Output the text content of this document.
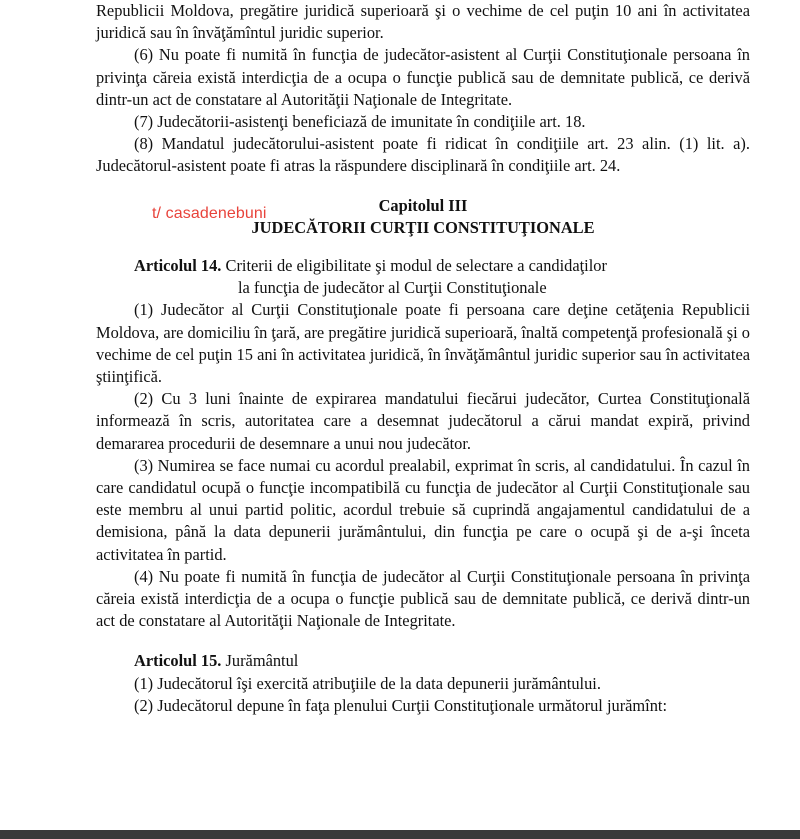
Republicii Moldova, pregătire juridică superioară şi o vechime de cel puţin 10 ani în activitatea juridică sau în învăţămîntul juridic superior.

(6) Nu poate fi numită în funcţia de judecător-asistent al Curţii Constituţionale persoana în privinţa căreia există interdicţia de a ocupa o funcţie publică sau de demnitate publică, ce derivă dintr-un act de constatare al Autorităţii Naţionale de Integritate.

(7) Judecătorii-asistenţi beneficiază de imunitate în condiţiile art. 18.

(8) Mandatul judecătorului-asistent poate fi ridicat în condiţiile art. 23 alin. (1) lit. a). Judecătorul-asistent poate fi atras la răspundere disciplinară în condiţiile art. 24.

Capitolul III

JUDECĂTORII CURŢII CONSTITUŢIONALE

Articolul 14. Criterii de eligibilitate şi modul de selectare a candidaţilor
la funcţia de judecător al Curţii Constituţionale

(1) Judecător al Curţii Constituţionale poate fi persoana care deţine cetăţenia Republicii Moldova, are domiciliu în ţară, are pregătire juridică superioară, înaltă competenţă profesională şi o vechime de cel puţin 15 ani în activitatea juridică, în învăţământul juridic superior sau în activitatea ştiinţifică.

(2) Cu 3 luni înainte de expirarea mandatului fiecărui judecător, Curtea Constituţională informează în scris, autoritatea care a desemnat judecătorul a cărui mandat expiră, privind demararea procedurii de desemnare a unui nou judecător.

(3) Numirea se face numai cu acordul prealabil, exprimat în scris, al candidatului. În cazul în care candidatul ocupă o funcţie incompatibilă cu funcţia de judecător al Curţii Constituţionale sau este membru al unui partid politic, acordul trebuie să cuprindă angajamentul candidatului de a demisiona, până la data depunerii jurământului, din funcţia pe care o ocupă şi de a-şi înceta activitatea în partid.

(4) Nu poate fi numită în funcţia de judecător al Curţii Constituţionale persoana în privinţa căreia există interdicţia de a ocupa o funcţie publică sau de demnitate publică, ce derivă dintr-un act de constatare al Autorităţii Naţionale de Integritate.

Articolul 15. Jurământul

(1) Judecătorul îşi exercită atribuţiile de la data depunerii jurământului.

(2) Judecătorul depune în faţa plenului Curţii Constituţionale următorul jurămînt:

t/ casadenebuni
